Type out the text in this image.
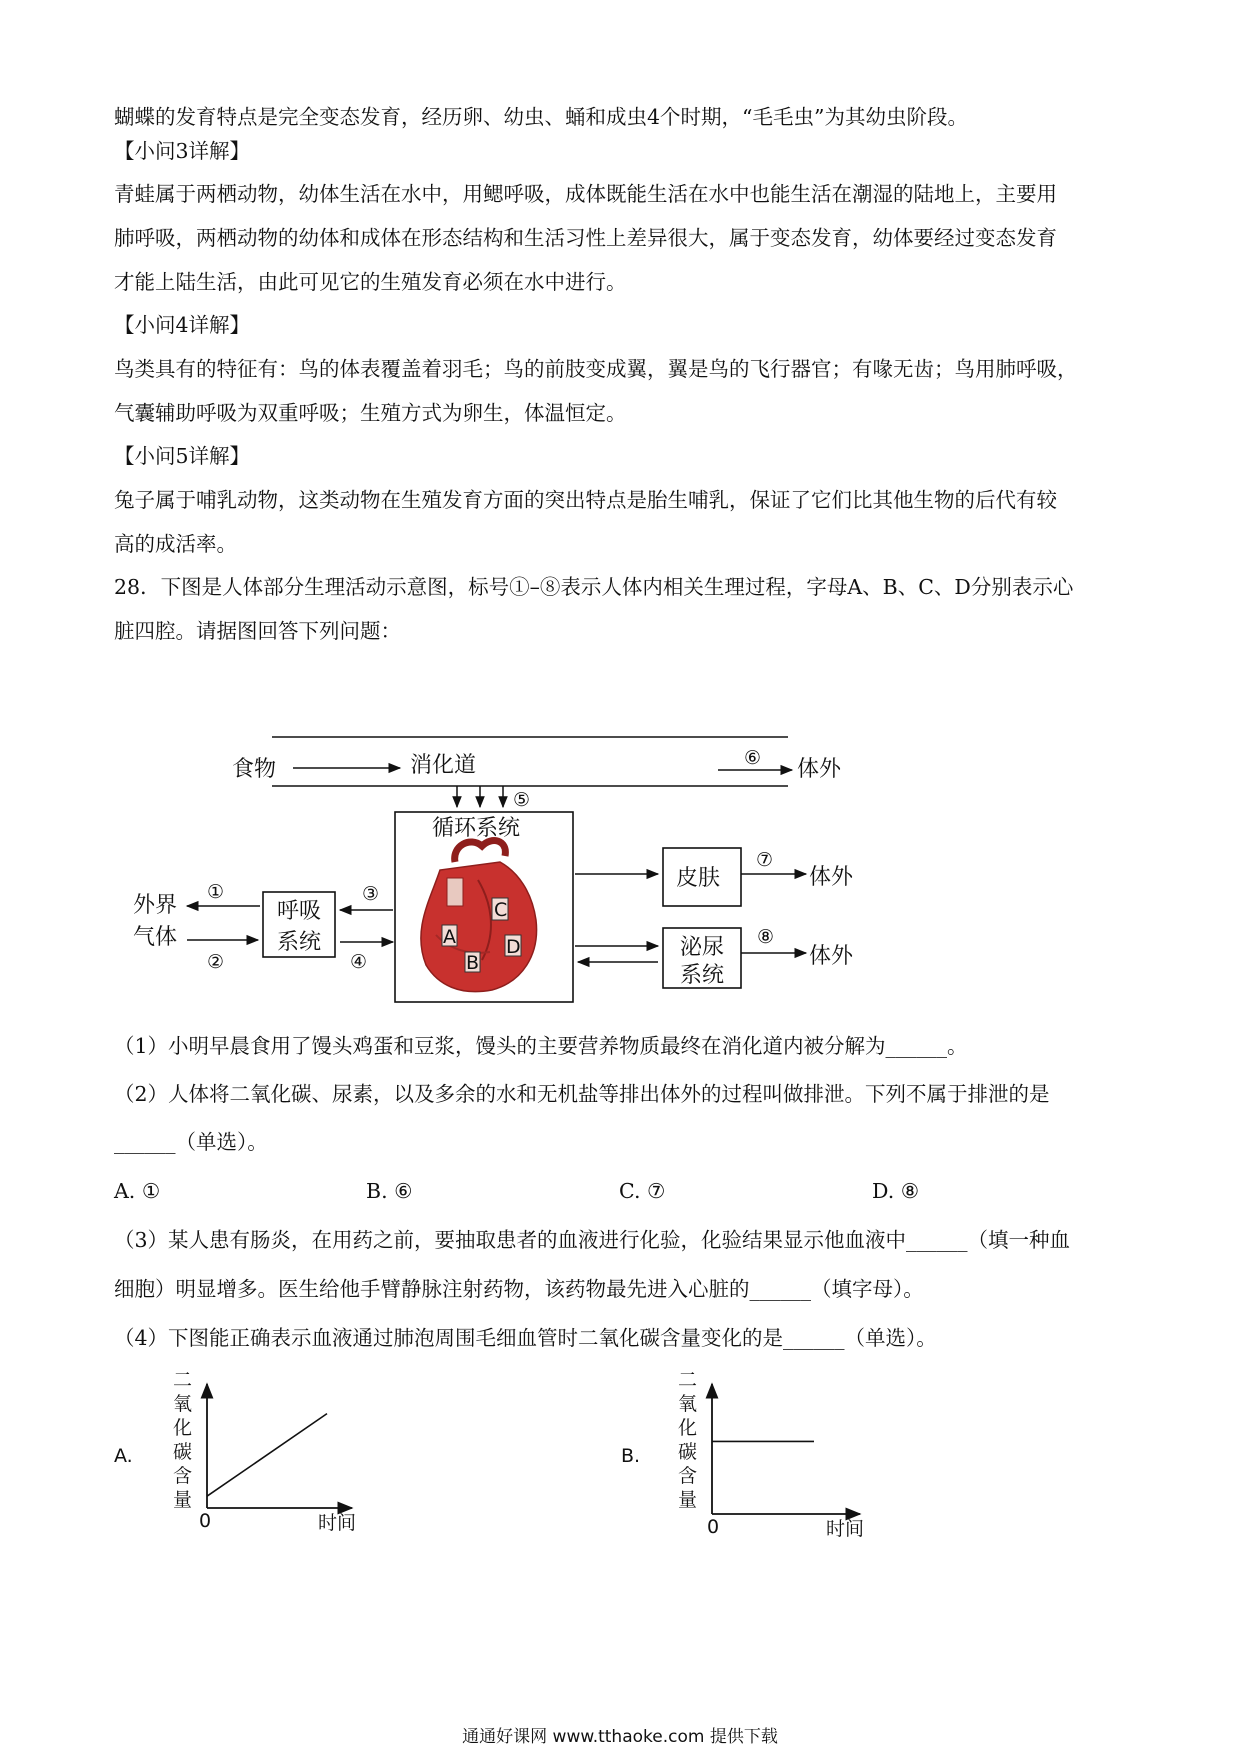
蝴蝶的发育特点是完全变态发育，经历卵、幼虫、蛹和成虫4个时期，“毛毛虫”为其幼虫阶段。
【小问3详解】
青蛙属于两栖动物，幼体生活在水中，用鳃呼吸，成体既能生活在水中也能生活在潮湿的陆地上，主要用
肺呼吸，两栖动物的幼体和成体在形态结构和生活习性上差异很大，属于变态发育，幼体要经过变态发育
才能上陆生活，由此可见它的生殖发育必须在水中进行。
【小问4详解】
鸟类具有的特征有：鸟的体表覆盖着羽毛；鸟的前肢变成翼，翼是鸟的飞行器官；有喙无齿；鸟用肺呼吸，
气囊辅助呼吸为双重呼吸；生殖方式为卵生，体温恒定。
【小问5详解】
兔子属于哺乳动物，这类动物在生殖发育方面的突出特点是胎生哺乳，保证了它们比其他生物的后代有较
高的成活率。
28．下图是人体部分生理活动示意图，标号①–⑧表示人体内相关生理过程，字母A、B、C、D分别表示心
脏四腔。请据图回答下列问题：
食物	消化道	⑥ 体外
⑤
循环系统
C
A
B
D
外界
气体
①
②
呼吸
系统
③
④
皮肤
⑦
体外
泌尿
系统
⑧
体外
（1）小明早晨食用了馒头鸡蛋和豆浆，馒头的主要营养物质最终在消化道内被分解为______。
（2）人体将二氧化碳、尿素，以及多余的水和无机盐等排出体外的过程叫做排泄。下列不属于排泄的是
______（单选）。
A. ①	B. ⑥	C. ⑦	D. ⑧
（3）某人患有肠炎，在用药之前，要抽取患者的血液进行化验，化验结果显示他血液中______（填一种血
细胞）明显增多。医生给他手臂静脉注射药物，该药物最先进入心脏的______（填字母）。
（4）下图能正确表示血液通过肺泡周围毛细血管时二氧化碳含量变化的是______（单选）。
A.
二
氧
化
碳
含
量
0	时间
B.
二
氧
化
碳
含
量
0	时间
通通好课网 www.tthaoke.com 提供下载
